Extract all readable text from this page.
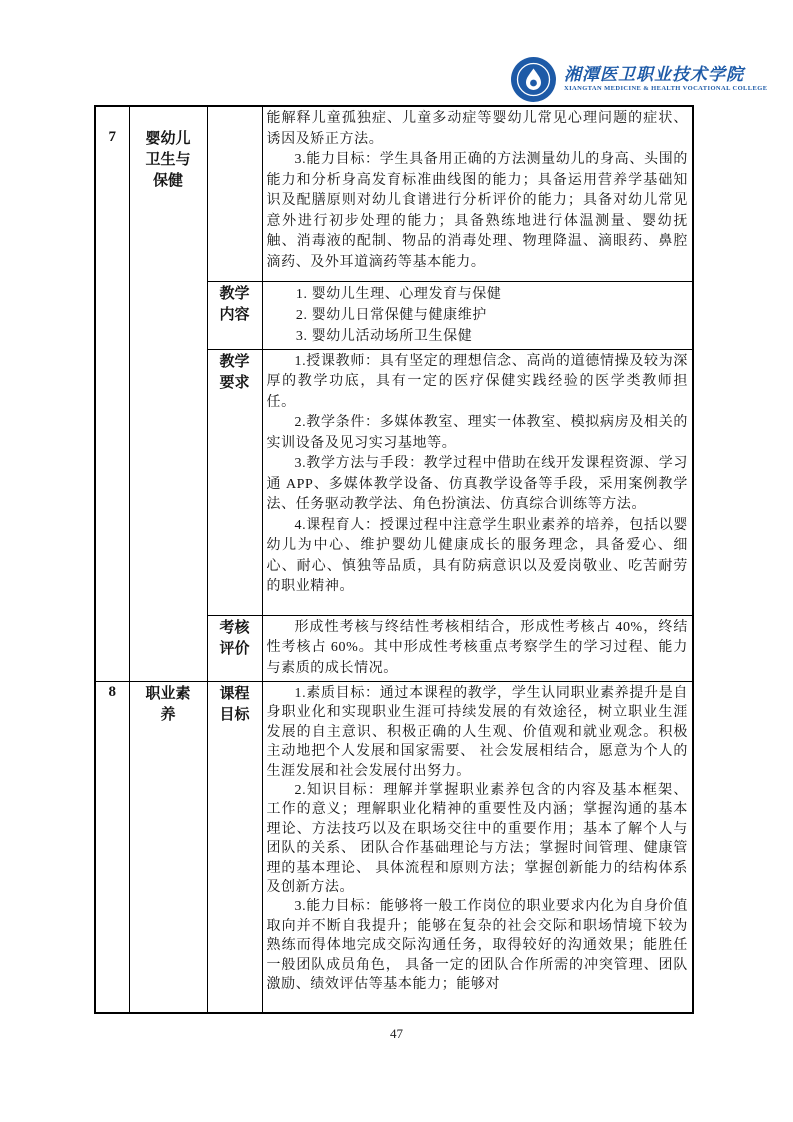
湘潭医卫职业技术学院
XIANGTAN MEDICINE & HEALTH VOCATIONAL COLLEGE
7	婴幼儿卫生与保健		能解释儿童孤独症、儿童多动症等婴幼儿常见心理问题的症状、诱因及矫正方法。

3.能力目标：学生具备用正确的方法测量幼儿的身高、头围的能力和分析身高发育标准曲线图的能力；具备运用营养学基础知识及配膳原则对幼儿食谱进行分析评价的能力；具备对幼儿常见意外进行初步处理的能力；具备熟练地进行体温测量、婴幼抚触、消毒液的配制、物品的消毒处理、物理降温、滴眼药、鼻腔滴药、及外耳道滴药等基本能力。

		教学内容	1. 婴幼儿生理、心理发育与保健
2. 婴幼儿日常保健与健康维护
3. 婴幼儿活动场所卫生保健

		教学要求	1.授课教师：具有坚定的理想信念、高尚的道德情操及较为深厚的教学功底，具有一定的医疗保健实践经验的医学类教师担任。

2.教学条件：多媒体教室、理实一体教室、模拟病房及相关的实训设备及见习实习基地等。

3.教学方法与手段：教学过程中借助在线开发课程资源、学习通 APP、多媒体教学设备、仿真教学设备等手段，采用案例教学法、任务驱动教学法、角色扮演法、仿真综合训练等方法。

4.课程育人：授课过程中注意学生职业素养的培养，包括以婴幼儿为中心、维护婴幼儿健康成长的服务理念，具备爱心、细心、耐心、慎独等品质，具有防病意识以及爱岗敬业、吃苦耐劳的职业精神。

		考核评价	形成性考核与终结性考核相结合，形成性考核占 40%，终结性考核占 60%。其中形成性考核重点考察学生的学习过程、能力与素质的成长情况。

8	职业素养	课程目标	1.素质目标：通过本课程的教学，学生认同职业素养提升是自身职业化和实现职业生涯可持续发展的有效途径，树立职业生涯发展的自主意识、积极正确的人生观、价值观和就业观念。积极主动地把个人发展和国家需要、 社会发展相结合，愿意为个人的生涯发展和社会发展付出努力。

2.知识目标：理解并掌握职业素养包含的内容及基本框架、 工作的意义；理解职业化精神的重要性及内涵；掌握沟通的基本理论、方法技巧以及在职场交往中的重要作用；基本了解个人与团队的关系、 团队合作基础理论与方法；掌握时间管理、健康管理的基本理论、 具体流程和原则方法；掌握创新能力的结构体系及创新方法。

3.能力目标：能够将一般工作岗位的职业要求内化为自身价值取向并不断自我提升；能够在复杂的社会交际和职场情境下较为熟练而得体地完成交际沟通任务，取得较好的沟通效果；能胜任一般团队成员角色， 具备一定的团队合作所需的冲突管理、团队激励、绩效评估等基本能力；能够对

47
